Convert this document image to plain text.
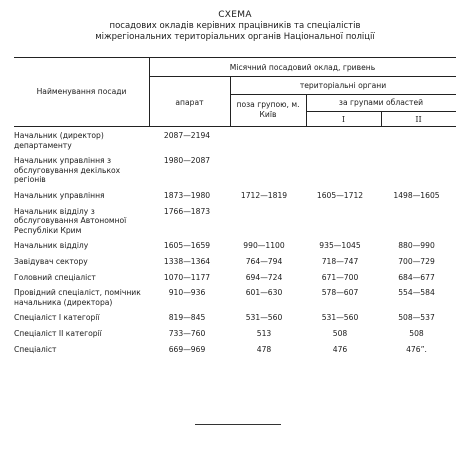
СХЕМА
посадових окладів керівних працівників та спеціалістів
міжрегіональних територіальних органів Національної поліції
Найменування посади
Місячний посадовий оклад, гривень
апарат
територіальні органи
поза групою, м. Київ
за групами областей
І	ІІ
Начальник (директор) департаменту	2087—2194			
Начальник управління з обслуговування декількох регіонів	1980—2087			
Начальник управління	1873—1980	1712—1819	1605—1712	1498—1605
Начальник відділу з обслуговування Автономної Республіки Крим	1766—1873			
Начальник відділу	1605—1659	990—1100	935—1045	880—990
Завідувач сектору	1338—1364	764—794	718—747	700—729
Головний спеціаліст	1070—1177	694—724	671—700	684—677
Провідний спеціаліст, помічник начальника (директора)	910—936	601—630	578—607	554—584
Спеціаліст I категорії	819—845	531—560	531—560	508—537
Спеціаліст II категорії	733—760	513	508	508
Спеціаліст	669—969	478	476	476”.
